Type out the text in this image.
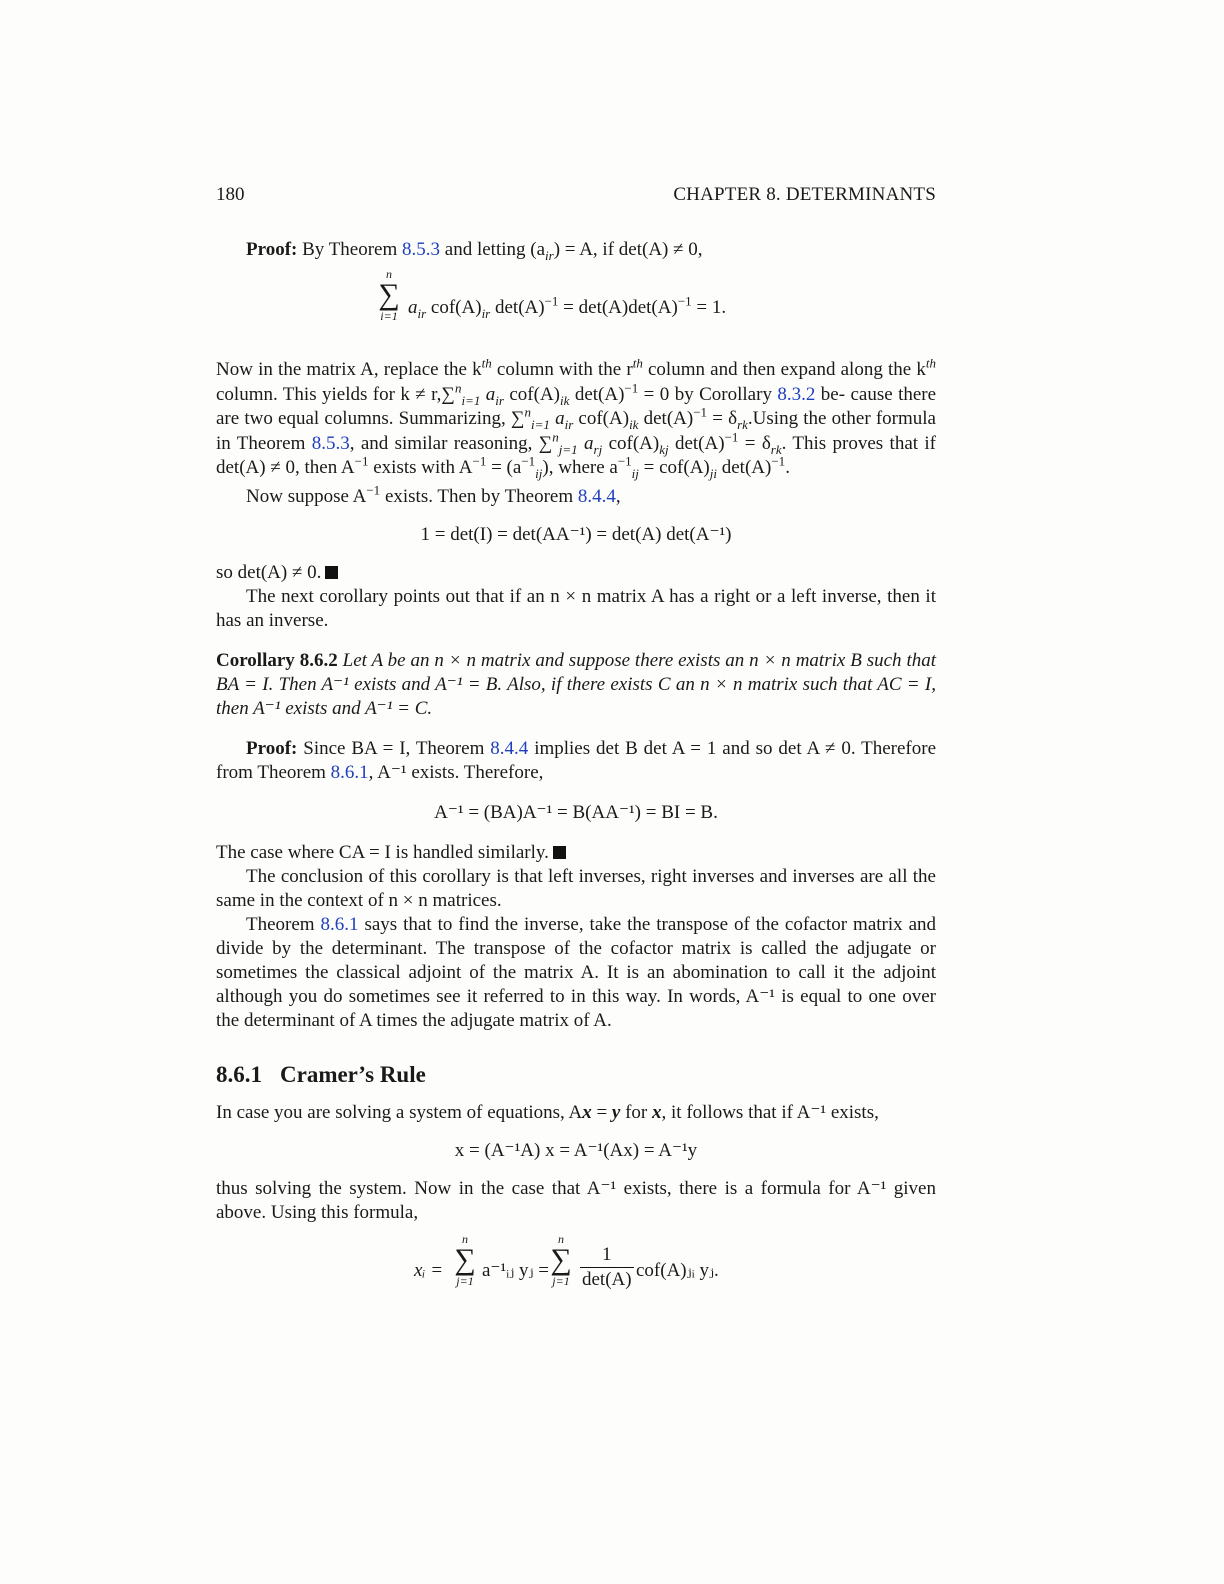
180	CHAPTER 8. DETERMINANTS

Proof: By Theorem 8.5.3 and letting $(a_{ir}) = A$, if det(A) ≠ 0,

n
∑
i=1 $a_{ir}$ $cof(A)_{ir}$ $\det(A)^{-1} = \det(A)\det(A)^{-1} = 1$.

Now in the matrix A, replace the $k^{th}$ column with the $r^{th}$ column and then expand along the $k^{th}$ column. This yields for k ≠ r,∑$^n_{i=1}$ $a_{ir}$ $cof(A)_{ik}$ $\det(A)^{-1} = 0$ by Corollary 8.3.2 be- cause there are two equal columns. Summarizing, ∑$^n_{i=1}$ $a_{ir}$ $cof(A)_{ik}$ $\det(A)^{-1} = \delta_{rk}.Using$ the other formula in Theorem 8.5.3, and similar reasoning, ∑$^n_{j=1}$ $a_{rj}$ $cof(A)_{kj}$ $\det(A)^{-1} = \delta_{rk}$. This proves that if det(A) ≠ 0, then $A^{-1}$ exists with $A^{-1} = (a^{-1}_{ij})$, where $a^{-1}_{ij} = cof(A)_{ji}$ $\det(A)^{-1}$.

Now suppose $A^{-1}$ exists. Then by Theorem 8.4.4,

1 = det(I) = det(AA⁻¹) = det(A) det(A⁻¹)

so det(A) ≠ 0.

The next corollary points out that if an n × n matrix A has a right or a left inverse, then it has an inverse.

Corollary 8.6.2 Let A be an n × n matrix and suppose there exists an n × n matrix B such that BA = I. Then A⁻¹ exists and A⁻¹ = B. Also, if there exists C an n × n matrix such that AC = I, then A⁻¹ exists and A⁻¹ = C.

Proof: Since BA = I, Theorem 8.4.4 implies det B det A = 1 and so det A ≠ 0. Therefore from Theorem 8.6.1, A⁻¹ exists. Therefore,

A⁻¹ = (BA)A⁻¹ = B(AA⁻¹) = BI = B.

The case where CA = I is handled similarly.

The conclusion of this corollary is that left inverses, right inverses and inverses are all the same in the context of n × n matrices.

Theorem 8.6.1 says that to find the inverse, take the transpose of the cofactor matrix and divide by the determinant. The transpose of the cofactor matrix is called the adjugate or sometimes the classical adjoint of the matrix A. It is an abomination to call it the adjoint although you do sometimes see it referred to in this way. In words, A⁻¹ is equal to one over the determinant of A times the adjugate matrix of A.

8.6.1 Cramer’s Rule

In case you are solving a system of equations, Ax = y for x, it follows that if A⁻¹ exists,

x = (A⁻¹A) x = A⁻¹(Ax) = A⁻¹y

thus solving the system. Now in the case that A⁻¹ exists, there is a formula for A⁻¹ given above. Using this formula,

xᵢ =
n
∑
j=1 a⁻¹ᵢⱼ yⱼ =
n
∑
j=1
1
det(A) cof(A)ⱼᵢ yⱼ.
